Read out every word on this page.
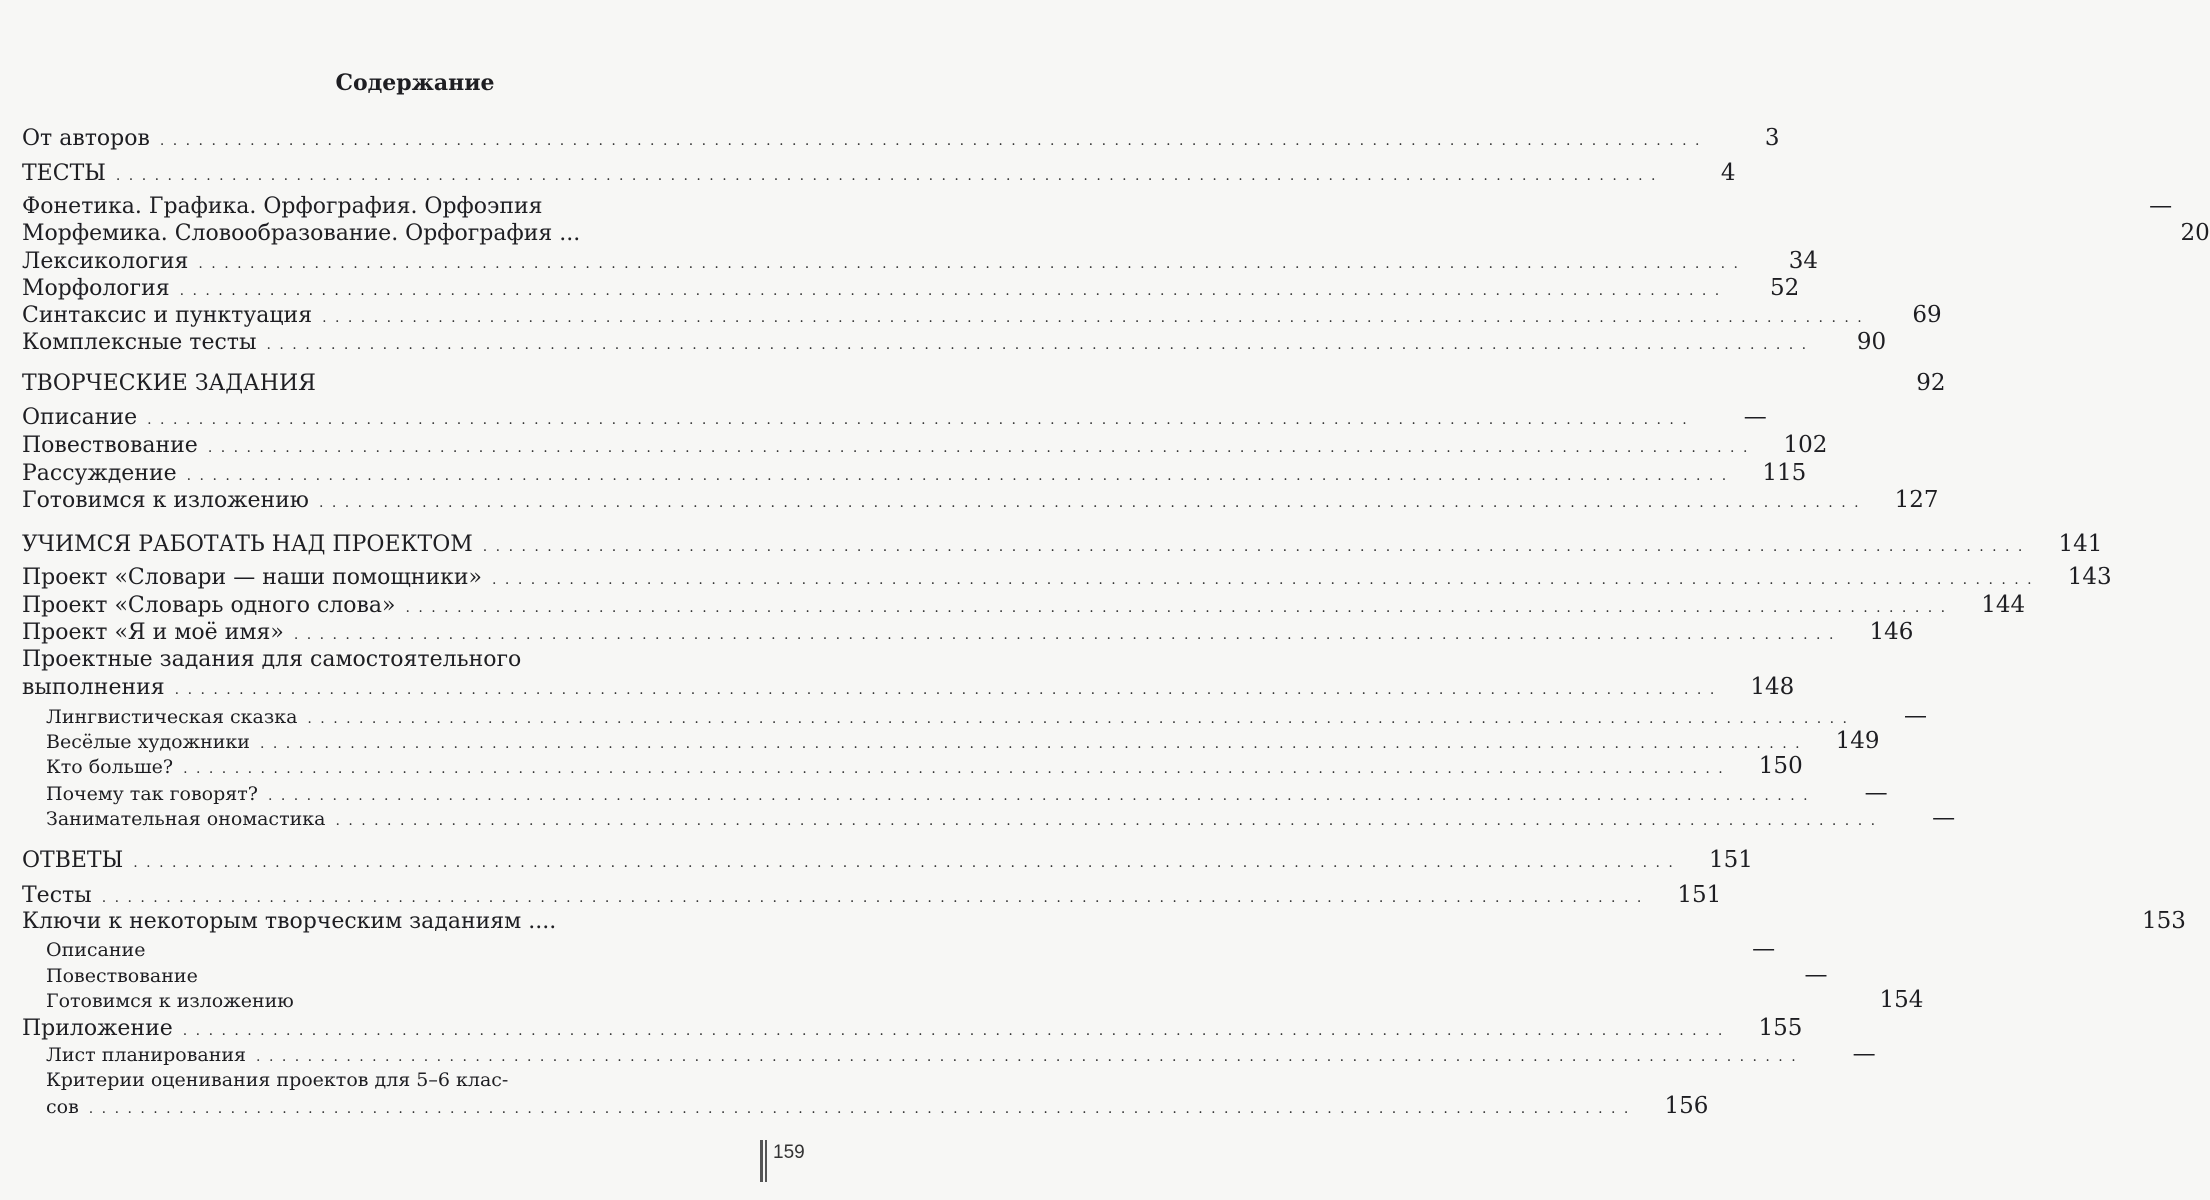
Содержание
От авторов . . . . . . . . . . . . . . . . . . . . . . . . . . . . . . . . . . . . . . . . . . . . . . . . . . . . . . . . . . . . . . . . . . . . . . . . . . . . . . . . . . . . . . . . . . . . . . . . . . . . . . . . . . . . . . . . . . . . . . . .	3
ТЕСТЫ . . . . . . . . . . . . . . . . . . . . . . . . . . . . . . . . . . . . . . . . . . . . . . . . . . . . . . . . . . . . . . . . . . . . . . . . . . . . . . . . . . . . . . . . . . . . . . . . . . . . . . . . . . . . . . . . . . . . . . . .	4
Фонетика. Графика. Орфография. Орфоэпия	—
Морфемика. Словообразование. Орфография ...	20
Лексикология . . . . . . . . . . . . . . . . . . . . . . . . . . . . . . . . . . . . . . . . . . . . . . . . . . . . . . . . . . . . . . . . . . . . . . . . . . . . . . . . . . . . . . . . . . . . . . . . . . . . . . . . . . . . . . . . . . . . . . . .	34
Морфология . . . . . . . . . . . . . . . . . . . . . . . . . . . . . . . . . . . . . . . . . . . . . . . . . . . . . . . . . . . . . . . . . . . . . . . . . . . . . . . . . . . . . . . . . . . . . . . . . . . . . . . . . . . . . . . . . . . . . . . .	52
Синтаксис и пунктуация . . . . . . . . . . . . . . . . . . . . . . . . . . . . . . . . . . . . . . . . . . . . . . . . . . . . . . . . . . . . . . . . . . . . . . . . . . . . . . . . . . . . . . . . . . . . . . . . . . . . . . . . . . . . . . . . . . . . . . . .	69
Комплексные тесты . . . . . . . . . . . . . . . . . . . . . . . . . . . . . . . . . . . . . . . . . . . . . . . . . . . . . . . . . . . . . . . . . . . . . . . . . . . . . . . . . . . . . . . . . . . . . . . . . . . . . . . . . . . . . . . . . . . . . . . .	90
ТВОРЧЕСКИЕ ЗАДАНИЯ	92
Описание . . . . . . . . . . . . . . . . . . . . . . . . . . . . . . . . . . . . . . . . . . . . . . . . . . . . . . . . . . . . . . . . . . . . . . . . . . . . . . . . . . . . . . . . . . . . . . . . . . . . . . . . . . . . . . . . . . . . . . . .	—
Повествование . . . . . . . . . . . . . . . . . . . . . . . . . . . . . . . . . . . . . . . . . . . . . . . . . . . . . . . . . . . . . . . . . . . . . . . . . . . . . . . . . . . . . . . . . . . . . . . . . . . . . . . . . . . . . . . . . . . . . . . .	102
Рассуждение . . . . . . . . . . . . . . . . . . . . . . . . . . . . . . . . . . . . . . . . . . . . . . . . . . . . . . . . . . . . . . . . . . . . . . . . . . . . . . . . . . . . . . . . . . . . . . . . . . . . . . . . . . . . . . . . . . . . . . . .	115
Готовимся к изложению . . . . . . . . . . . . . . . . . . . . . . . . . . . . . . . . . . . . . . . . . . . . . . . . . . . . . . . . . . . . . . . . . . . . . . . . . . . . . . . . . . . . . . . . . . . . . . . . . . . . . . . . . . . . . . . . . . . . . . . .	127
УЧИМСЯ РАБОТАТЬ НАД ПРОЕКТОМ . . . . . . . . . . . . . . . . . . . . . . . . . . . . . . . . . . . . . . . . . . . . . . . . . . . . . . . . . . . . . . . . . . . . . . . . . . . . . . . . . . . . . . . . . . . . . . . . . . . . . . . . . . . . . . . . . . . . . . . .	141
Проект «Словари — наши помощники» . . . . . . . . . . . . . . . . . . . . . . . . . . . . . . . . . . . . . . . . . . . . . . . . . . . . . . . . . . . . . . . . . . . . . . . . . . . . . . . . . . . . . . . . . . . . . . . . . . . . . . . . . . . . . . . . . . . . . . . .	143
Проект «Словарь одного слова» . . . . . . . . . . . . . . . . . . . . . . . . . . . . . . . . . . . . . . . . . . . . . . . . . . . . . . . . . . . . . . . . . . . . . . . . . . . . . . . . . . . . . . . . . . . . . . . . . . . . . . . . . . . . . . . . . . . . . . . .	144
Проект «Я и моё имя» . . . . . . . . . . . . . . . . . . . . . . . . . . . . . . . . . . . . . . . . . . . . . . . . . . . . . . . . . . . . . . . . . . . . . . . . . . . . . . . . . . . . . . . . . . . . . . . . . . . . . . . . . . . . . . . . . . . . . . . .	146
Проектные задания для самостоятельного
выполнения . . . . . . . . . . . . . . . . . . . . . . . . . . . . . . . . . . . . . . . . . . . . . . . . . . . . . . . . . . . . . . . . . . . . . . . . . . . . . . . . . . . . . . . . . . . . . . . . . . . . . . . . . . . . . . . . . . . . . . . .	148
Лингвистическая сказка . . . . . . . . . . . . . . . . . . . . . . . . . . . . . . . . . . . . . . . . . . . . . . . . . . . . . . . . . . . . . . . . . . . . . . . . . . . . . . . . . . . . . . . . . . . . . . . . . . . . . . . . . . . . . . . . . . . . . . . .	—
Весёлые художники . . . . . . . . . . . . . . . . . . . . . . . . . . . . . . . . . . . . . . . . . . . . . . . . . . . . . . . . . . . . . . . . . . . . . . . . . . . . . . . . . . . . . . . . . . . . . . . . . . . . . . . . . . . . . . . . . . . . . . . .	149
Кто больше? . . . . . . . . . . . . . . . . . . . . . . . . . . . . . . . . . . . . . . . . . . . . . . . . . . . . . . . . . . . . . . . . . . . . . . . . . . . . . . . . . . . . . . . . . . . . . . . . . . . . . . . . . . . . . . . . . . . . . . . .	150
Почему так говорят? . . . . . . . . . . . . . . . . . . . . . . . . . . . . . . . . . . . . . . . . . . . . . . . . . . . . . . . . . . . . . . . . . . . . . . . . . . . . . . . . . . . . . . . . . . . . . . . . . . . . . . . . . . . . . . . . . . . . . . . .	—
Занимательная ономастика . . . . . . . . . . . . . . . . . . . . . . . . . . . . . . . . . . . . . . . . . . . . . . . . . . . . . . . . . . . . . . . . . . . . . . . . . . . . . . . . . . . . . . . . . . . . . . . . . . . . . . . . . . . . . . . . . . . . . . . .	—
ОТВЕТЫ . . . . . . . . . . . . . . . . . . . . . . . . . . . . . . . . . . . . . . . . . . . . . . . . . . . . . . . . . . . . . . . . . . . . . . . . . . . . . . . . . . . . . . . . . . . . . . . . . . . . . . . . . . . . . . . . . . . . . . . .	151
Тесты . . . . . . . . . . . . . . . . . . . . . . . . . . . . . . . . . . . . . . . . . . . . . . . . . . . . . . . . . . . . . . . . . . . . . . . . . . . . . . . . . . . . . . . . . . . . . . . . . . . . . . . . . . . . . . . . . . . . . . . .	151
Ключи к некоторым творческим заданиям ....	153
Описание	—
Повествование	—
Готовимся к изложению	154
Приложение . . . . . . . . . . . . . . . . . . . . . . . . . . . . . . . . . . . . . . . . . . . . . . . . . . . . . . . . . . . . . . . . . . . . . . . . . . . . . . . . . . . . . . . . . . . . . . . . . . . . . . . . . . . . . . . . . . . . . . . .	155
Лист планирования . . . . . . . . . . . . . . . . . . . . . . . . . . . . . . . . . . . . . . . . . . . . . . . . . . . . . . . . . . . . . . . . . . . . . . . . . . . . . . . . . . . . . . . . . . . . . . . . . . . . . . . . . . . . . . . . . . . . . . . .	—
Критерии оценивания проектов для 5–6 клас-
сов . . . . . . . . . . . . . . . . . . . . . . . . . . . . . . . . . . . . . . . . . . . . . . . . . . . . . . . . . . . . . . . . . . . . . . . . . . . . . . . . . . . . . . . . . . . . . . . . . . . . . . . . . . . . . . . . . . . . . . . .	156
159
